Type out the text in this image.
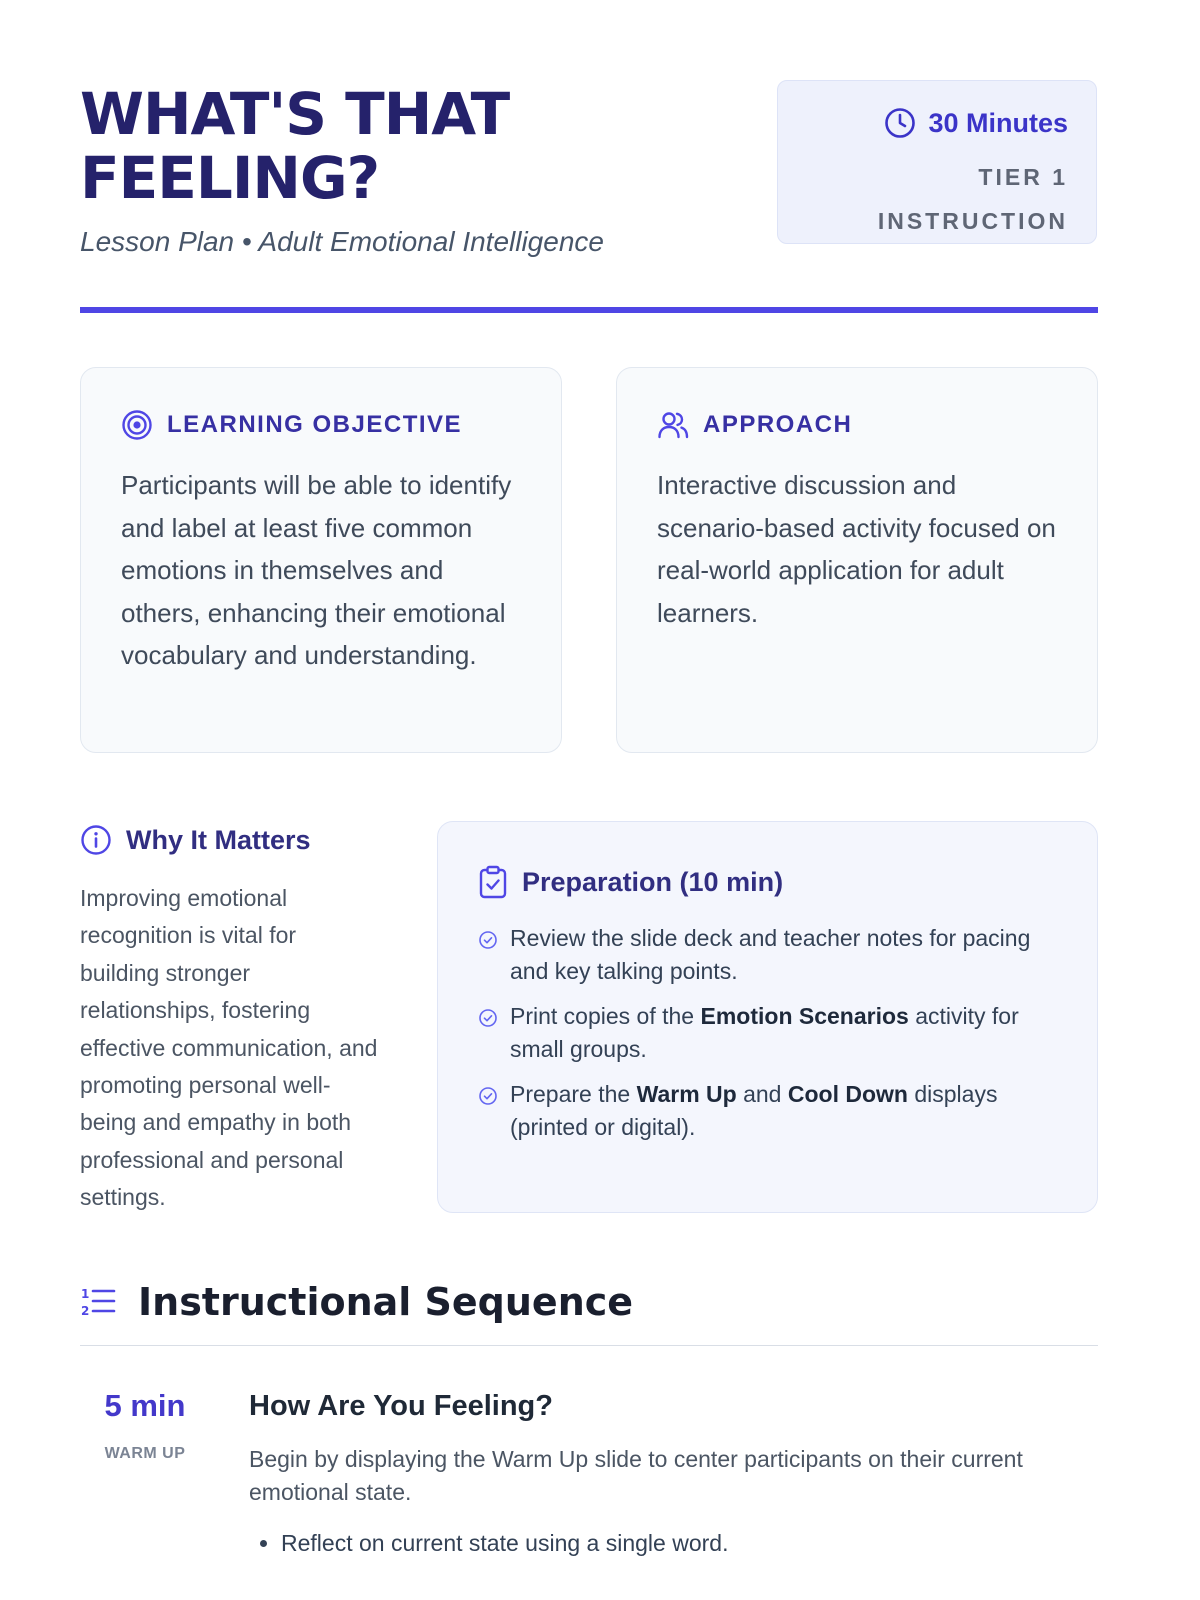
WHAT'S THAT
FEELING?
Lesson Plan • Adult Emotional Intelligence
30 Minutes
TIER 1
INSTRUCTION
LEARNING OBJECTIVE
Participants will be able to identify and label at least five common emotions in themselves and others, enhancing their emotional vocabulary and understanding.
APPROACH
Interactive discussion and scenario-based activity focused on real-world application for adult learners.
Why It Matters
Improving emotional recognition is vital for building stronger relationships, fostering effective communication, and promoting personal well-being and empathy in both professional and personal settings.
Preparation (10 min)
Review the slide deck and teacher notes for pacing and key talking points.
Print copies of the Emotion Scenarios activity for small groups.
Prepare the Warm Up and Cool Down displays (printed or digital).
1
2 Instructional Sequence
5 min
WARM UP
How Are You Feeling?
Begin by displaying the Warm Up slide to center participants on their current emotional state.
• Reflect on current state using a single word.
